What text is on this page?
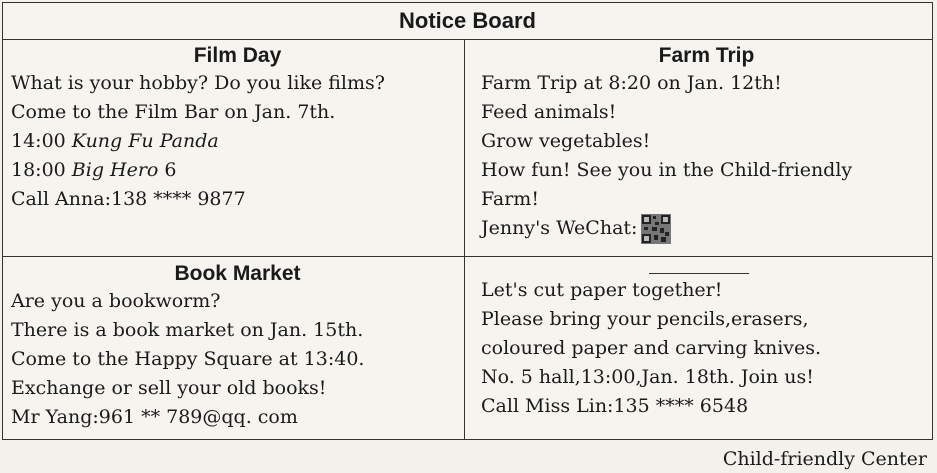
Notice Board
Film Day
What is your hobby? Do you like films?
Come to the Film Bar on Jan. 7th.
14:00 Kung Fu Panda
18:00 Big Hero 6
Call Anna:138 **** 9877
Farm Trip
Farm Trip at 8:20 on Jan. 12th!
Feed animals!
Grow vegetables!
How fun! See you in the Child-friendly
Farm!
Jenny's WeChat:
Book Market
Are you a bookworm?
There is a book market on Jan. 15th.
Come to the Happy Square at 13:40.
Exchange or sell your old books!
Mr Yang:961 ** 789@qq. com
Let's cut paper together!
Please bring your pencils,erasers,
coloured paper and carving knives.
No. 5 hall,13:00,Jan. 18th. Join us!
Call Miss Lin:135 **** 6548
Child-friendly Center
